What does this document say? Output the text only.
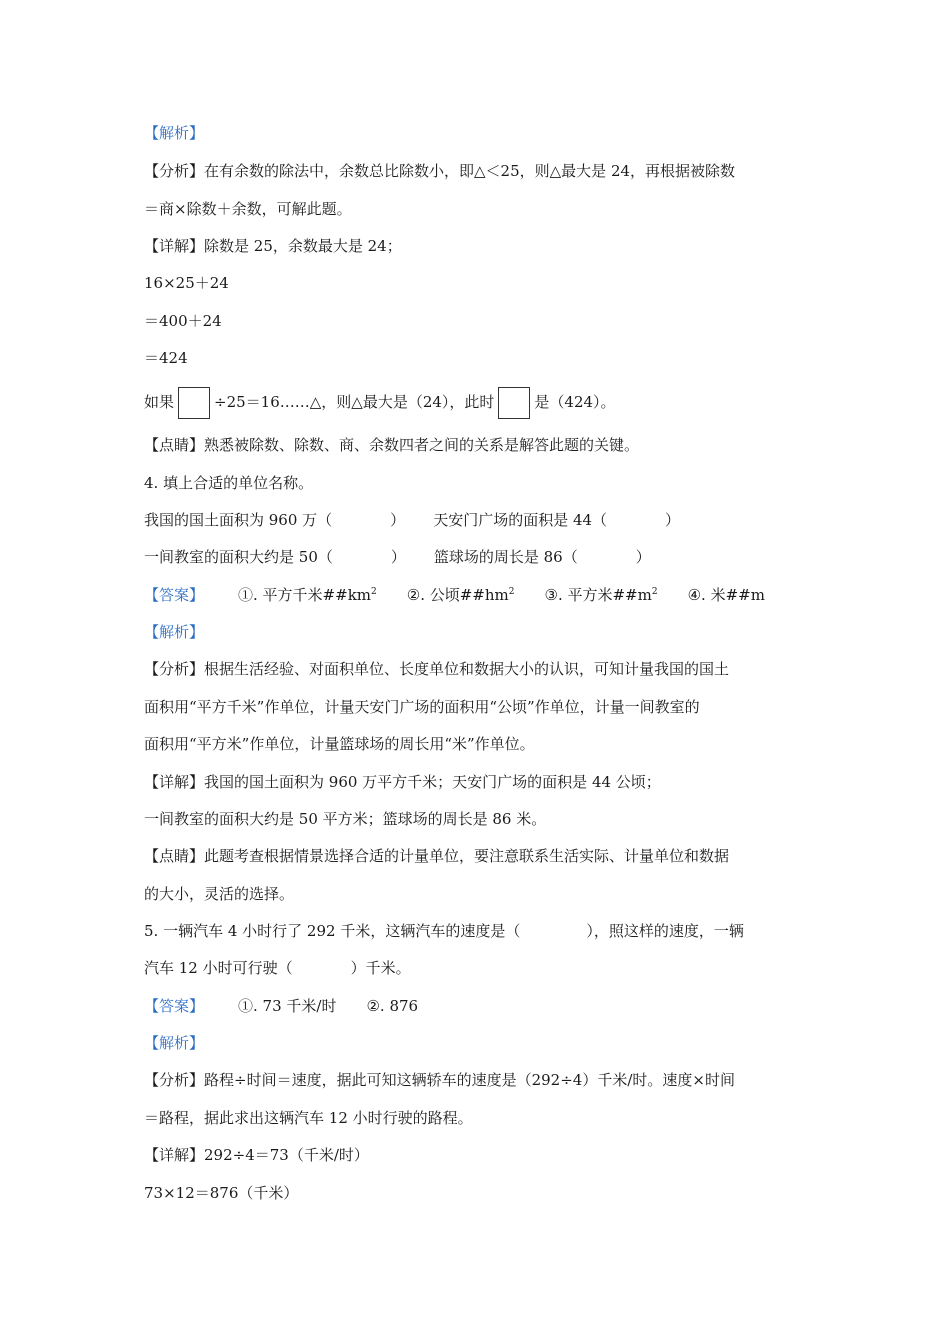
【解析】
【分析】在有余数的除法中，余数总比除数小，即△＜25，则△最大是 24，再根据被除数
＝商×除数＋余数，可解此题。
【详解】除数是 25，余数最大是 24；
16×25＋24
＝400＋24
＝424
如果	÷25＝16……△，则△最大是（24），此时	是（424）。
【点睛】熟悉被除数、除数、商、余数四者之间的关系是解答此题的关键。
4. 填上合适的单位名称。
我国的国土面积为 960 万（	） 天安门广场的面积是 44（	）
一间教室的面积大约是 50（	） 篮球场的周长是 86（	）
【答案】 ①. 平方千米$\#\#km^2$ ②. 公顷$\#\#hm^2$ ③. 平方米$\#\#m^2$ ④. 米##m
【解析】
【分析】根据生活经验、对面积单位、长度单位和数据大小的认识，可知计量我国的国土
面积用“平方千米”作单位，计量天安门广场的面积用“公顷”作单位，计量一间教室的
面积用“平方米”作单位，计量篮球场的周长用“米”作单位。
【详解】我国的国土面积为 960 万平方千米；天安门广场的面积是 44 公顷；
一间教室的面积大约是 50 平方米；篮球场的周长是 86 米。
【点睛】此题考查根据情景选择合适的计量单位，要注意联系生活实际、计量单位和数据
的大小，灵活的选择。
5. 一辆汽车 4 小时行了 292 千米，这辆汽车的速度是（	），照这样的速度，一辆
汽车 12 小时可行驶（	）千米。
【答案】 ①. 73 千米/时 ②. 876
【解析】
【分析】路程÷时间＝速度，据此可知这辆轿车的速度是（292÷4）千米/时。速度×时间
＝路程，据此求出这辆汽车 12 小时行驶的路程。
【详解】292÷4＝73（千米/时）
73×12＝876（千米）
